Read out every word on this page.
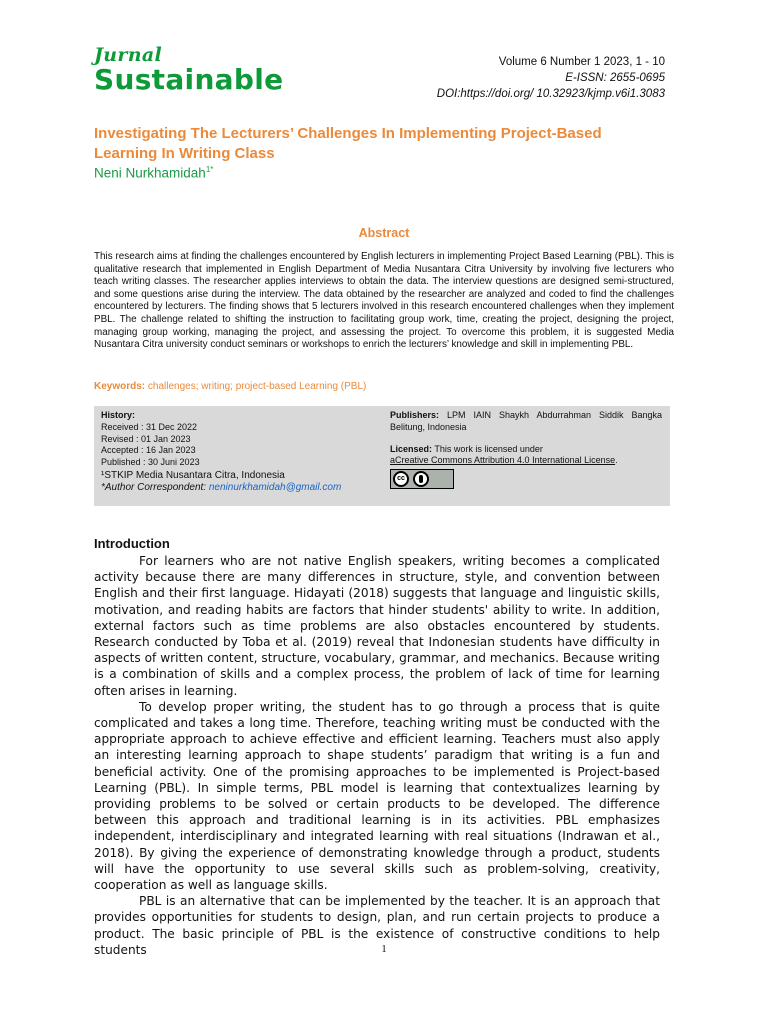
Jurnal
Sustainable
Volume 6 Number 1 2023, 1 - 10
E-ISSN: 2655-0695
DOI:https://doi.org/ 10.32923/kjmp.v6i1.3083
Investigating The Lecturers’ Challenges In Implementing Project-Based
Learning In Writing Class
Neni Nurkhamidah$^{1*}$
Abstract
This research aims at finding the challenges encountered by English lecturers in implementing Project Based Learning (PBL). This is qualitative research that implemented in English Department of Media Nusantara Citra University by involving five lecturers who teach writing classes. The researcher applies interviews to obtain the data. The interview questions are designed semi-structured, and some questions arise during the interview. The data obtained by the researcher are analyzed and coded to find the challenges encountered by lecturers. The finding shows that 5 lecturers involved in this research encountered challenges when they implement PBL. The challenge related to shifting the instruction to facilitating group work, time, creating the project, designing the project, managing group working, managing the project, and assessing the project. To overcome this problem, it is suggested Media Nusantara Citra university conduct seminars or workshops to enrich the lecturers’ knowledge and skill in implementing PBL.
Keywords: challenges; writing; project-based Learning (PBL)
History:
Received : 31 Dec 2022
Revised : 01 Jan 2023
Accepted : 16 Jan 2023
Published : 30 Juni 2023
¹STKIP Media Nusantara Citra, Indonesia
*Author Correspondent: neninurkhamidah@gmail.com
Publishers: LPM IAIN Shaykh Abdurrahman Siddik Bangka Belitung, Indonesia
Licensed: This work is licensed under
aCreative Commons Attribution 4.0 International License.
cc
Introduction

For learners who are not native English speakers, writing becomes a complicated activity because there are many differences in structure, style, and convention between English and their first language. Hidayati (2018) suggests that language and linguistic skills, motivation, and reading habits are factors that hinder students' ability to write. In addition, external factors such as time problems are also obstacles encountered by students. Research conducted by Toba et al. (2019) reveal that Indonesian students have difficulty in aspects of written content, structure, vocabulary, grammar, and mechanics. Because writing is a combination of skills and a complex process, the problem of lack of time for learning often arises in learning.

To develop proper writing, the student has to go through a process that is quite complicated and takes a long time. Therefore, teaching writing must be conducted with the appropriate approach to achieve effective and efficient learning. Teachers must also apply an interesting learning approach to shape students’ paradigm that writing is a fun and beneficial activity. One of the promising approaches to be implemented is Project-based Learning (PBL). In simple terms, PBL model is learning that contextualizes learning by providing problems to be solved or certain products to be developed. The difference between this approach and traditional learning is in its activities. PBL emphasizes independent, interdisciplinary and integrated learning with real situations (Indrawan et al., 2018). By giving the experience of demonstrating knowledge through a product, students will have the opportunity to use several skills such as problem-solving, creativity, cooperation as well as language skills.

PBL is an alternative that can be implemented by the teacher. It is an approach that provides opportunities for students to design, plan, and run certain projects to produce a product. The basic principle of PBL is the existence of constructive conditions to help students	1
